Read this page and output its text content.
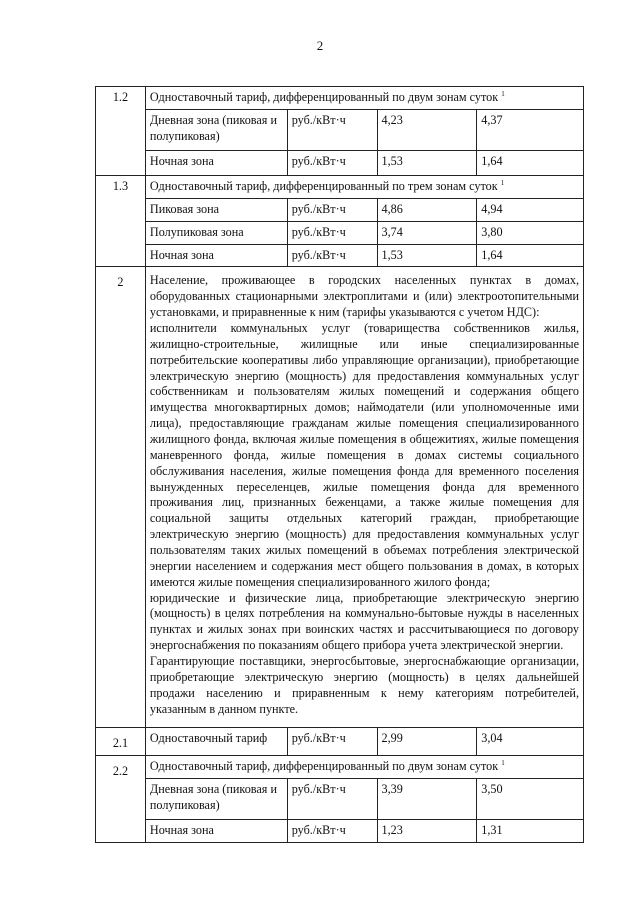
2
1.2	Одноставочный тариф, дифференцированный по двум зонам суток $^1$
	Дневная зона (пиковая и полупиковая)	руб./кВт·ч	4,23	4,37
	Ночная зона	руб./кВт·ч	1,53	1,64
1.3	Одноставочный тариф, дифференцированный по трем зонам суток $^1$
	Пиковая зона	руб./кВт·ч	4,86	4,94
	Полупиковая зона	руб./кВт·ч	3,74	3,80
	Ночная зона	руб./кВт·ч	1,53	1,64
2	Население, проживающее в городских населенных пунктах в домах, оборудованных стационарными электроплитами и (или) электроотопительными установками, и приравненные к ним (тарифы указываются с учетом НДС):

исполнители коммунальных услуг (товарищества собственников жилья, жилищно-строительные, жилищные или иные специализированные потребительские кооперативы либо управляющие организации), приобретающие электрическую энергию (мощность) для предоставления коммунальных услуг собственникам и пользователям жилых помещений и содержания общего имущества многоквартирных домов; наймодатели (или уполномоченные ими лица), предоставляющие гражданам жилые помещения специализированного жилищного фонда, включая жилые помещения в общежитиях, жилые помещения маневренного фонда, жилые помещения в домах системы социального обслуживания населения, жилые помещения фонда для временного поселения вынужденных переселенцев, жилые помещения фонда для временного проживания лиц, признанных беженцами, а также жилые помещения для социальной защиты отдельных категорий граждан, приобретающие электрическую энергию (мощность) для предоставления коммунальных услуг пользователям таких жилых помещений в объемах потребления электрической энергии населением и содержания мест общего пользования в домах, в которых имеются жилые помещения специализированного жилого фонда;

юридические и физические лица, приобретающие электрическую энергию (мощность) в целях потребления на коммунально-бытовые нужды в населенных пунктах и жилых зонах при воинских частях и рассчитывающиеся по договору энергоснабжения по показаниям общего прибора учета электрической энергии.

Гарантирующие поставщики, энергосбытовые, энергоснабжающие организации, приобретающие электрическую энергию (мощность) в целях дальнейшей продажи населению и приравненным к нему категориям потребителей, указанным в данном пункте.			

2.1	Одноставочный тариф	руб./кВт·ч	2,99	3,04
2.2	Одноставочный тариф, дифференцированный по двум зонам суток $^1$
	Дневная зона (пиковая и полупиковая)	руб./кВт·ч	3,39	3,50
	Ночная зона	руб./кВт·ч	1,23	1,31
